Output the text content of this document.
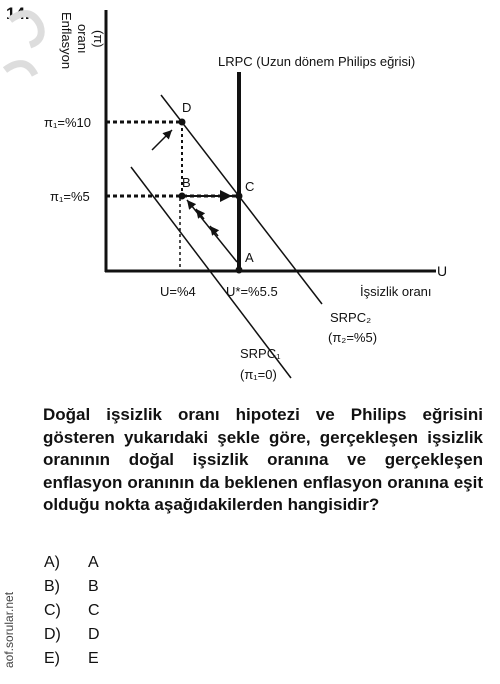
14. Enflasyon oranı (π)
LRPC (Uzun dönem Philips eğrisi)
D
B	C
A
π₁=%10
π₁=%5
U
İşsizlik oranı
U=%4 U*=%5.5
SRPC₂
(π₂=%5)
SRPC₁
(π₁=0)
Doğal işsizlik oranı hipotezi ve Philips eğrisini gösteren yukarıdaki şekle göre, gerçekleşen işsizlik oranının doğal işsizlik oranına ve gerçekleşen enflasyon oranının da beklenen enflasyon oranına eşit olduğu nokta aşağıdakilerden hangisidir?
A)	A
B)	B
C)	C
D)	D
E)	E
aof.sorular.net
